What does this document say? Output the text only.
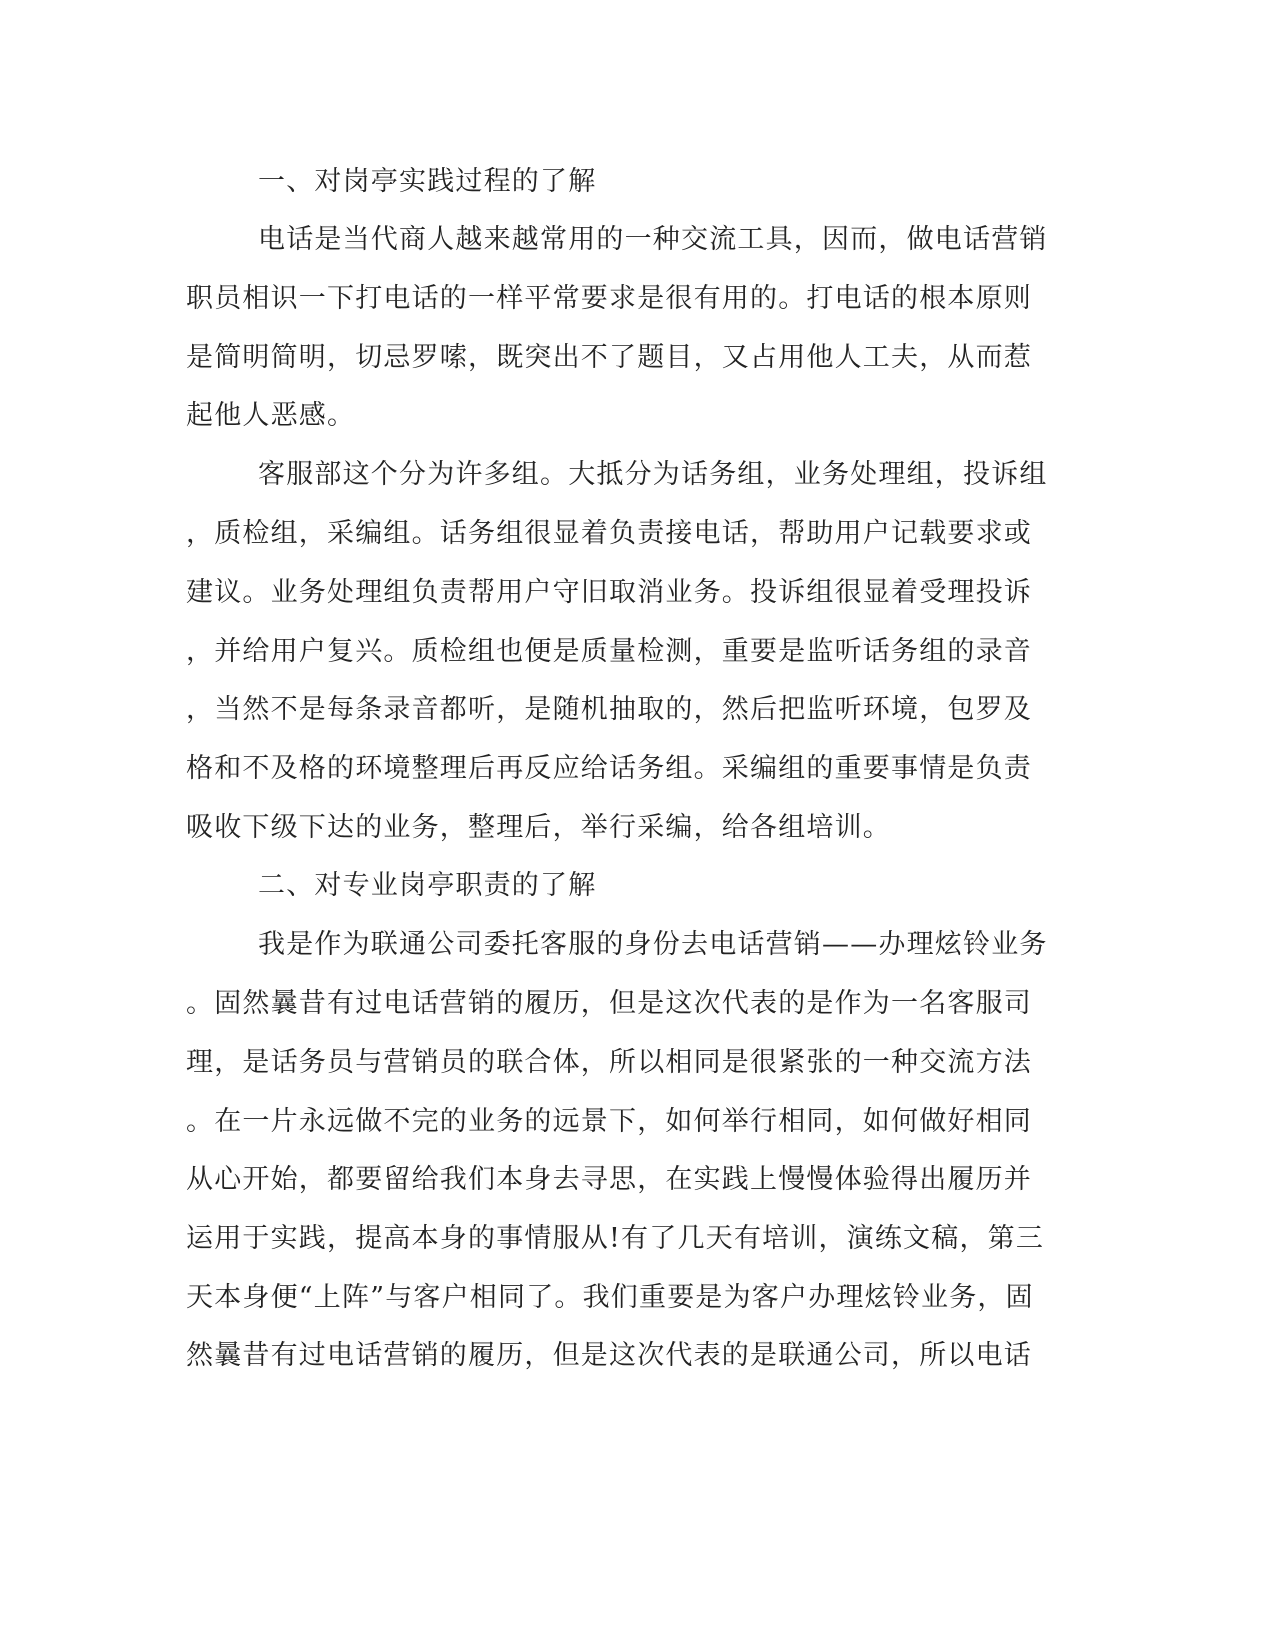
一、对岗亭实践过程的了解
电话是当代商人越来越常用的一种交流工具，因而，做电话营销
职员相识一下打电话的一样平常要求是很有用的。打电话的根本原则
是简明简明，切忌罗嗦，既突出不了题目，又占用他人工夫，从而惹
起他人恶感。
客服部这个分为许多组。大抵分为话务组，业务处理组，投诉组
，质检组，采编组。话务组很显着负责接电话，帮助用户记载要求或
建议。业务处理组负责帮用户守旧取消业务。投诉组很显着受理投诉
，并给用户复兴。质检组也便是质量检测，重要是监听话务组的录音
，当然不是每条录音都听，是随机抽取的，然后把监听环境，包罗及
格和不及格的环境整理后再反应给话务组。采编组的重要事情是负责
吸收下级下达的业务，整理后，举行采编，给各组培训。
二、对专业岗亭职责的了解
我是作为联通公司委托客服的身份去电话营销——办理炫铃业务
。固然曩昔有过电话营销的履历，但是这次代表的是作为一名客服司
理，是话务员与营销员的联合体，所以相同是很紧张的一种交流方法
。在一片永远做不完的业务的远景下，如何举行相同，如何做好相同
从心开始，都要留给我们本身去寻思，在实践上慢慢体验得出履历并
运用于实践，提高本身的事情服从!有了几天有培训，演练文稿，第三
天本身便“上阵”与客户相同了。我们重要是为客户办理炫铃业务，固
然曩昔有过电话营销的履历，但是这次代表的是联通公司，所以电话
